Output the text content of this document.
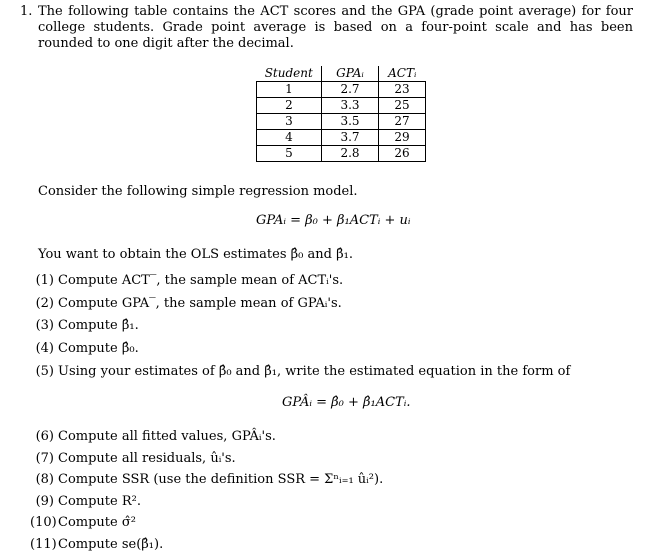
1. The following table contains the ACT scores and the GPA (grade point average) for four college students. Grade point average is based on a four-point scale and has been rounded to one digit after the decimal.
Student	GPAᵢ	ACTᵢ
1	2.7	23
2	3.3	25
3	3.5	27
4	3.7	29
5	2.8	26
Consider the following simple regression model.
GPAᵢ = β₀ + β₁ACTᵢ + uᵢ
You want to obtain the OLS estimates β̂₀ and β̂₁.
(1) Compute ACT‾, the sample mean of ACTᵢ's.
(2) Compute GPA‾, the sample mean of GPAᵢ's.
(3) Compute β̂₁.
(4) Compute β̂₀.
(5) Using your estimates of β̂₀ and β̂₁, write the estimated equation in the form of
GPÂᵢ = β̂₀ + β̂₁ACTᵢ.
(6) Compute all fitted values, GPÂᵢ's.
(7) Compute all residuals, ûᵢ's.
(8) Compute SSR (use the definition SSR = Σⁿᵢ₌₁ ûᵢ²).
(9) Compute R².
(10)Compute σ̂²
(11)Compute se(β̂₁).
